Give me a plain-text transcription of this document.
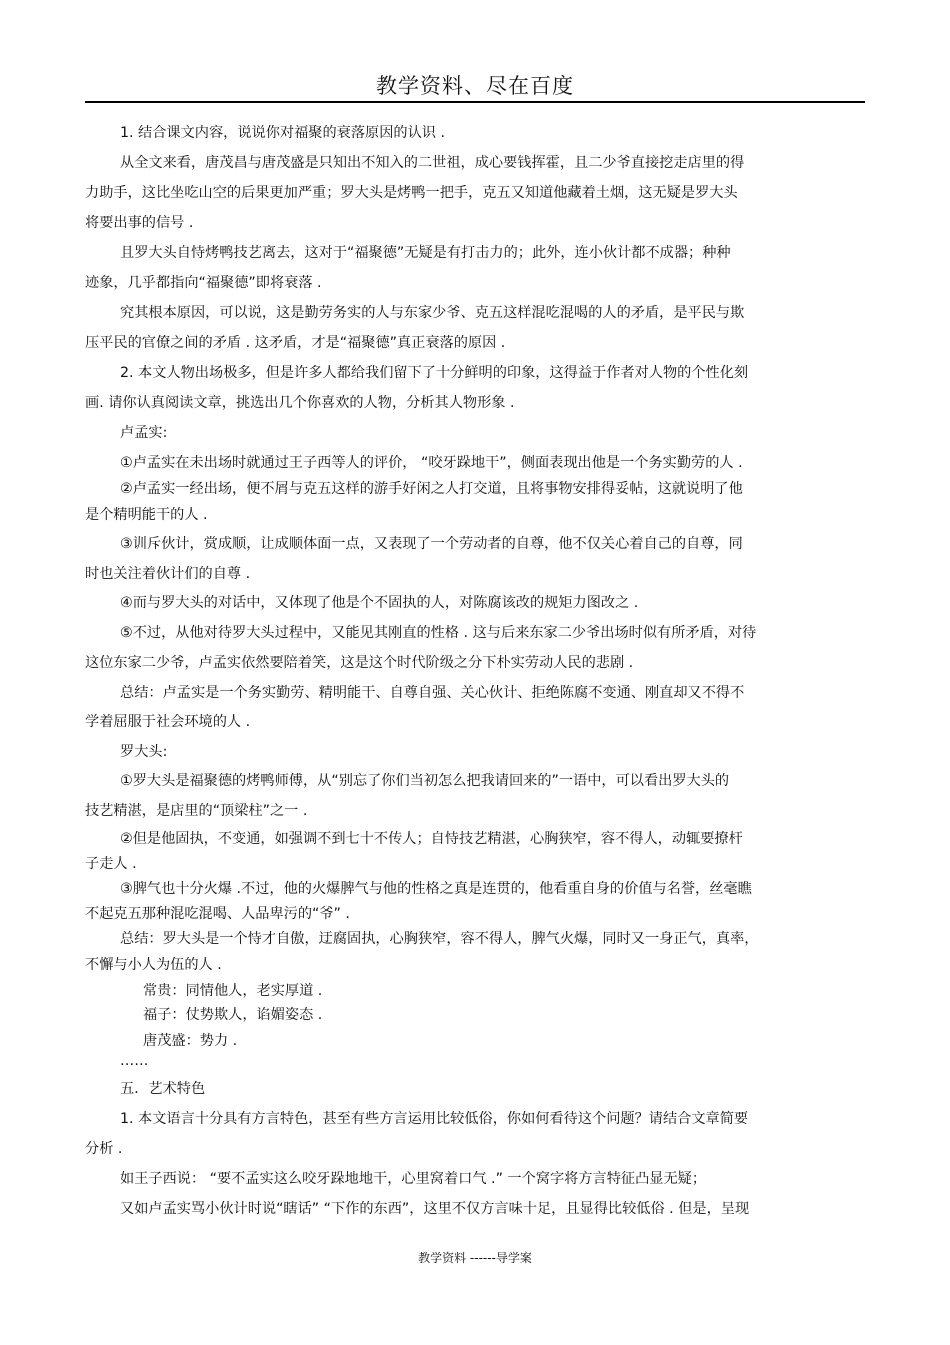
教学资料、尽在百度
1. 结合课文内容，说说你对福聚的衰落原因的认识 .
从全文来看，唐茂昌与唐茂盛是只知出不知入的二世祖，成心要钱挥霍，且二少爷直接挖走店里的得
力助手，这比坐吃山空的后果更加严重；罗大头是烤鸭一把手，克五又知道他藏着土烟，这无疑是罗大头
将要出事的信号 .
且罗大头自恃烤鸭技艺离去，这对于“福聚德”无疑是有打击力的；此外，连小伙计都不成器；种种
迹象，几乎都指向“福聚德”即将衰落 .
究其根本原因，可以说，这是勤劳务实的人与东家少爷、克五这样混吃混喝的人的矛盾，是平民与欺
压平民的官僚之间的矛盾 . 这矛盾，才是“福聚德”真正衰落的原因 .
2. 本文人物出场极多，但是许多人都给我们留下了十分鲜明的印象，这得益于作者对人物的个性化刻
画. 请你认真阅读文章，挑选出几个你喜欢的人物，分析其人物形象 .
卢孟实:
①卢孟实在未出场时就通过王子西等人的评价， “咬牙跺地干”，侧面表现出他是一个务实勤劳的人 .
②卢孟实一经出场，便不屑与克五这样的游手好闲之人打交道，且将事物安排得妥帖，这就说明了他
是个精明能干的人 .
③训斥伙计，赏成顺，让成顺体面一点，又表现了一个劳动者的自尊，他不仅关心着自己的自尊，同
时也关注着伙计们的自尊 .
④而与罗大头的对话中，又体现了他是个不固执的人，对陈腐该改的规矩力图改之 .
⑤不过，从他对待罗大头过程中，又能见其刚直的性格 . 这与后来东家二少爷出场时似有所矛盾，对待
这位东家二少爷，卢孟实依然要陪着笑，这是这个时代阶级之分下朴实劳动人民的悲剧 .
总结：卢孟实是一个务实勤劳、精明能干、自尊自强、关心伙计、拒绝陈腐不变通、刚直却又不得不
学着屈服于社会环境的人 .
罗大头:
①罗大头是福聚德的烤鸭师傅，从“别忘了你们当初怎么把我请回来的”一语中，可以看出罗大头的
技艺精湛，是店里的“顶梁柱”之一 .
②但是他固执，不变通，如强调不到七十不传人；自恃技艺精湛，心胸狭窄，容不得人，动辄要撩杆
子走人 .
③脾气也十分火爆 .不过，他的火爆脾气与他的性格之真是连贯的，他看重自身的价值与名誉，丝毫瞧
不起克五那种混吃混喝、人品卑污的“爷” .
总结：罗大头是一个恃才自傲，迂腐固执，心胸狭窄，容不得人，脾气火爆，同时又一身正气，真率，
不懈与小人为伍的人 .
常贵：同情他人，老实厚道 .
福子：仗势欺人，谄媚姿态 .
唐茂盛：势力 .
……
五．艺术特色
1. 本文语言十分具有方言特色，甚至有些方言运用比较低俗，你如何看待这个问题？请结合文章简要
分析 .
如王子西说： “要不孟实这么咬牙跺地地干，心里窝着口气 .” 一个窝字将方言特征凸显无疑；
又如卢孟实骂小伙计时说“瞎话” “下作的东西”，这里不仅方言味十足，且显得比较低俗 . 但是，呈现
教学资料 ------导学案
